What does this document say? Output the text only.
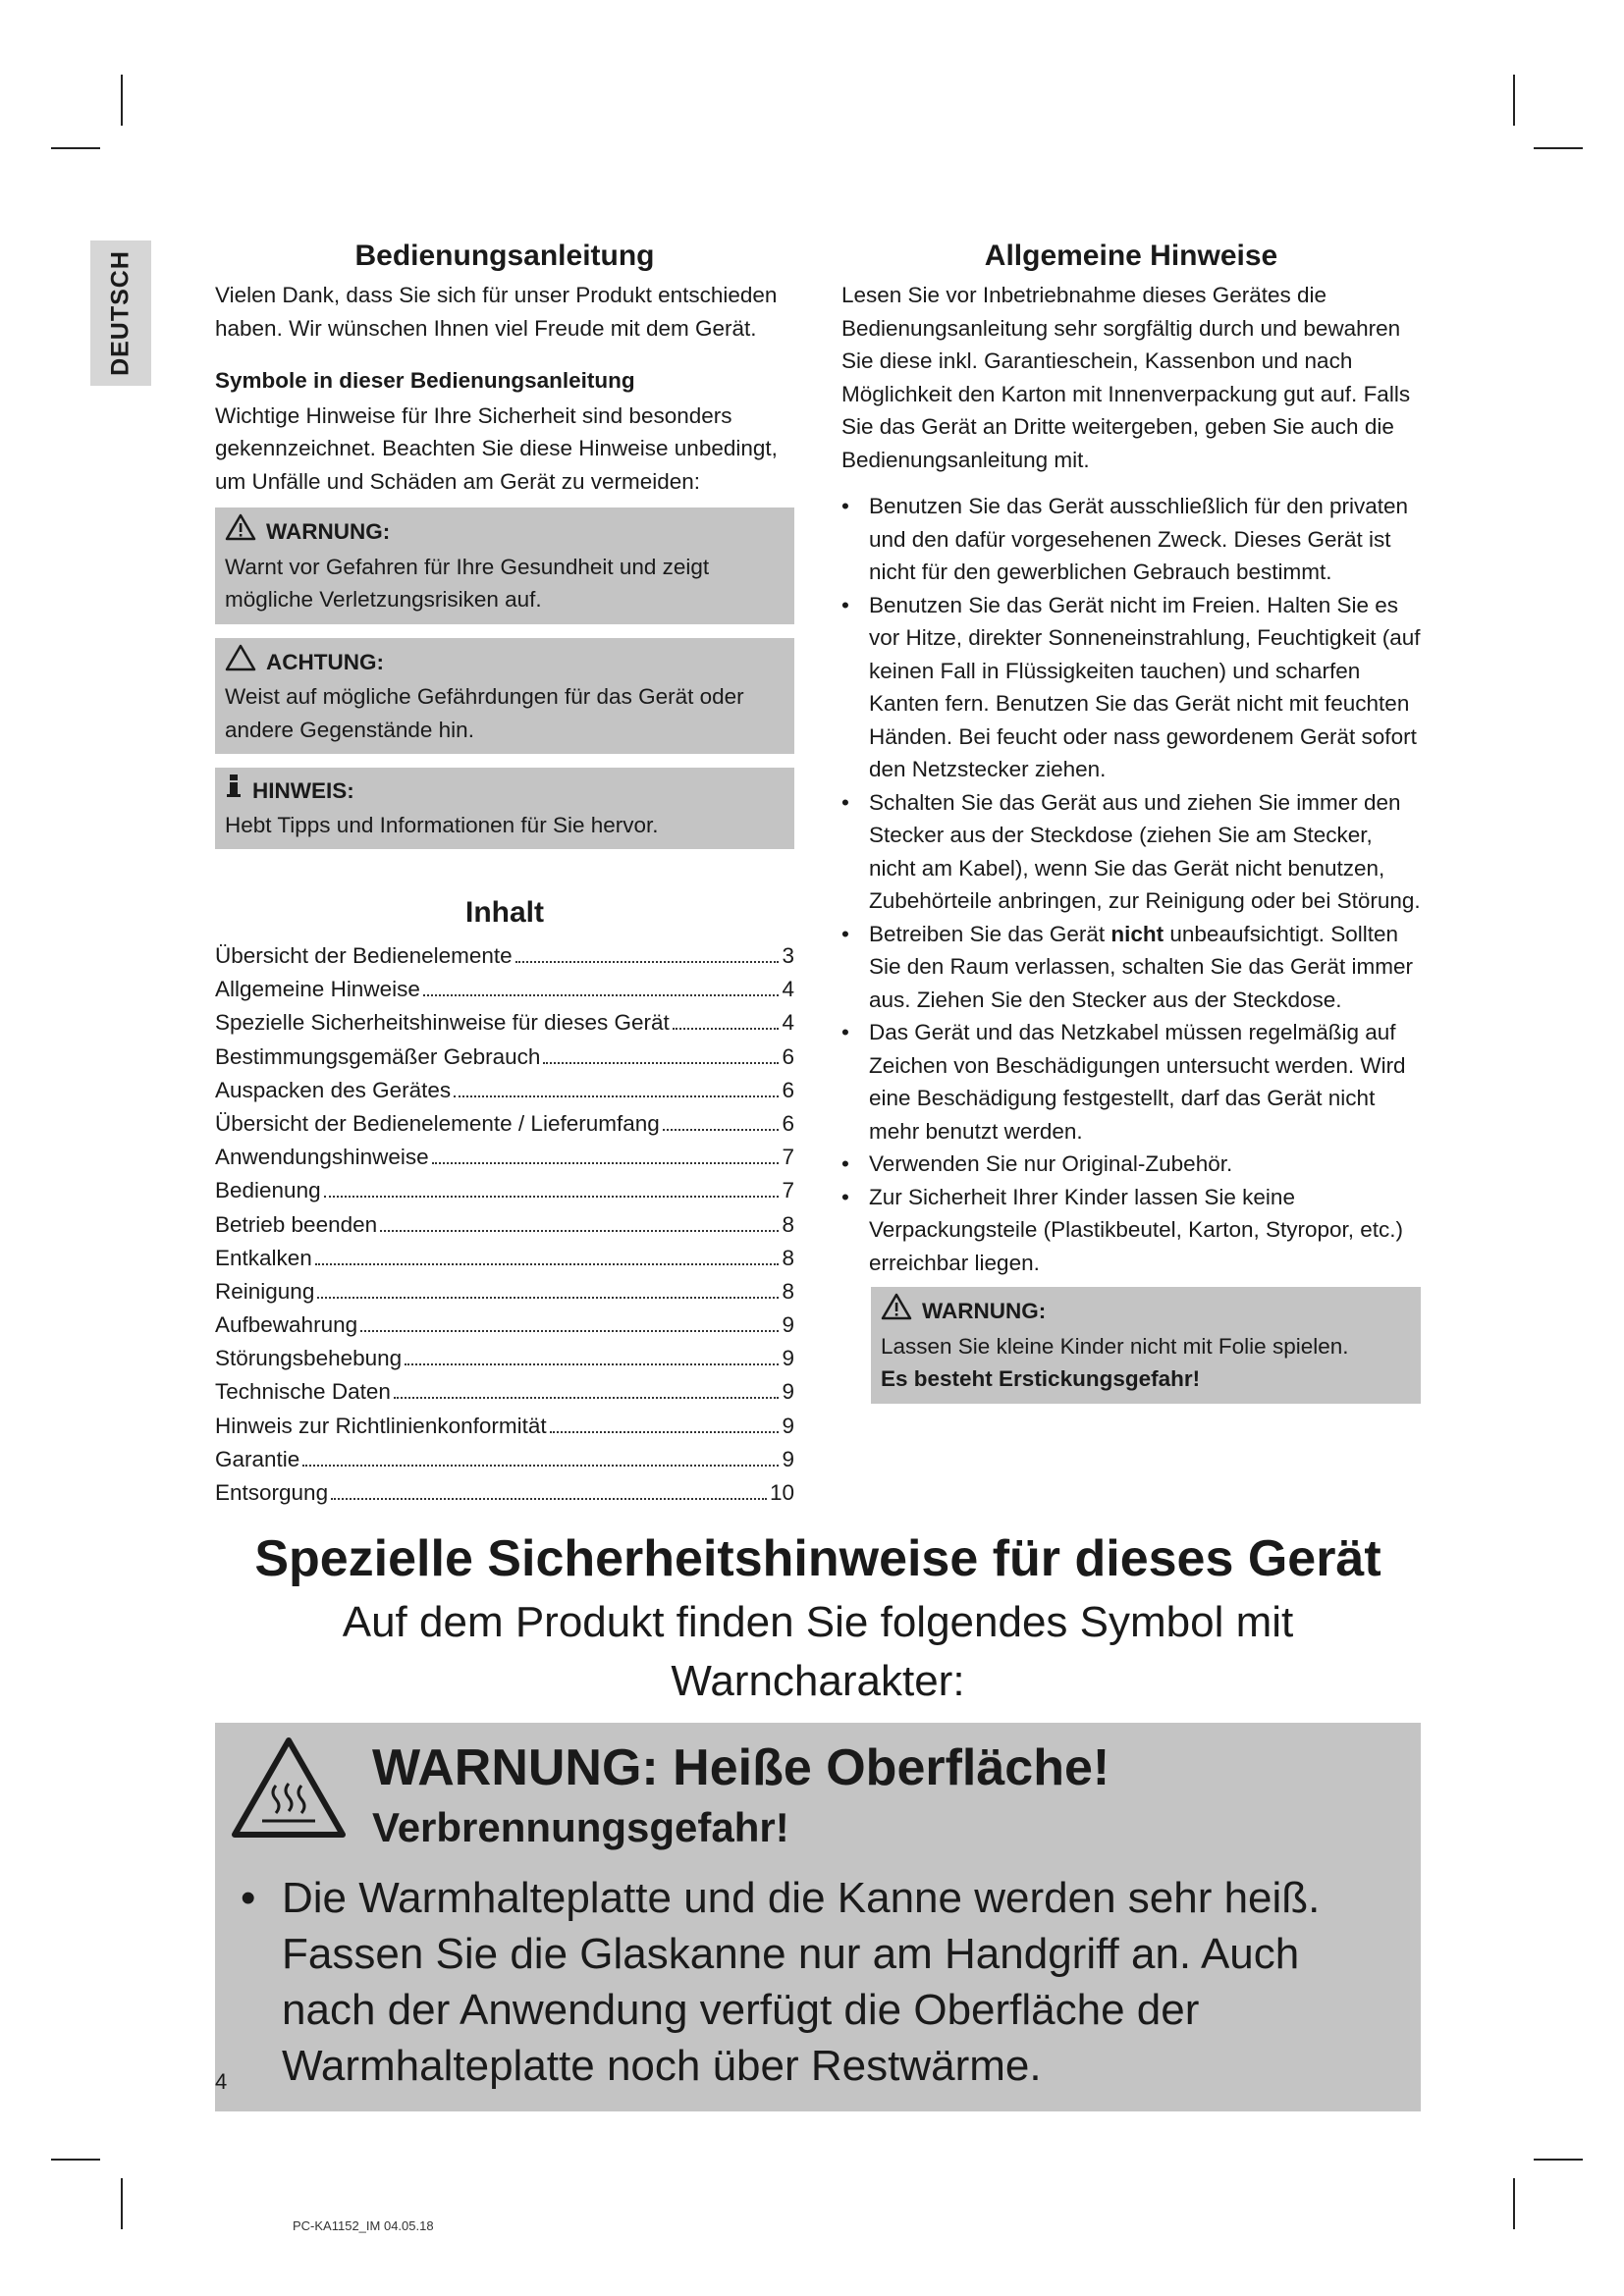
DEUTSCH	Bedienungsanleitung

Vielen Dank, dass Sie sich für unser Produkt entschieden haben. Wir wünschen Ihnen viel Freude mit dem Gerät.

Symbole in dieser Bedienungsanleitung

Wichtige Hinweise für Ihre Sicherheit sind besonders gekennzeichnet. Beachten Sie diese Hinweise unbedingt, um Unfälle und Schäden am Gerät zu vermeiden:

WARNUNG:

Warnt vor Gefahren für Ihre Gesundheit und zeigt mögliche Verletzungsrisiken auf.

ACHTUNG:

Weist auf mögliche Gefährdungen für das Gerät oder andere Gegenstände hin.

HINWEIS:

Hebt Tipps und Informationen für Sie hervor.

Inhalt
Übersicht der Bedienelemente	3
Allgemeine Hinweise	4
Spezielle Sicherheitshinweise für dieses Gerät	4
Bestimmungsgemäßer Gebrauch	6
Auspacken des Gerätes	6
Übersicht der Bedienelemente / Lieferumfang	6
Anwendungshinweise	7
Bedienung	7
Betrieb beenden	8
Entkalken	8
Reinigung	8
Aufbewahrung	9
Störungsbehebung	9
Technische Daten	9
Hinweis zur Richtlinienkonformität	9
Garantie	9
Entsorgung	10
Allgemeine Hinweise

Lesen Sie vor Inbetriebnahme dieses Gerätes die Bedienungsanleitung sehr sorgfältig durch und bewahren Sie diese inkl. Garantieschein, Kassenbon und nach Möglichkeit den Karton mit Innenverpackung gut auf. Falls Sie das Gerät an Dritte weitergeben, geben Sie auch die Bedienungsanleitung mit.

• Benutzen Sie das Gerät ausschließlich für den privaten und den dafür vorgesehenen Zweck. Dieses Gerät ist nicht für den gewerblichen Gebrauch bestimmt.
• Benutzen Sie das Gerät nicht im Freien. Halten Sie es vor Hitze, direkter Sonneneinstrahlung, Feuchtigkeit (auf keinen Fall in Flüssigkeiten tauchen) und scharfen Kanten fern. Benutzen Sie das Gerät nicht mit feuchten Händen. Bei feucht oder nass gewordenem Gerät sofort den Netzstecker ziehen.
• Schalten Sie das Gerät aus und ziehen Sie immer den Stecker aus der Steckdose (ziehen Sie am Stecker, nicht am Kabel), wenn Sie das Gerät nicht benutzen, Zubehörteile anbringen, zur Reinigung oder bei Störung.
• Betreiben Sie das Gerät nicht unbeaufsichtigt. Sollten Sie den Raum verlassen, schalten Sie das Gerät immer aus. Ziehen Sie den Stecker aus der Steckdose.
• Das Gerät und das Netzkabel müssen regelmäßig auf Zeichen von Beschädigungen untersucht werden. Wird eine Beschädigung festgestellt, darf das Gerät nicht mehr benutzt werden.
• Verwenden Sie nur Original-Zubehör.
• Zur Sicherheit Ihrer Kinder lassen Sie keine Verpackungsteile (Plastikbeutel, Karton, Styropor, etc.) erreichbar liegen.
WARNUNG:

Lassen Sie kleine Kinder nicht mit Folie spielen.

Es besteht Erstickungsgefahr!

Spezielle Sicherheitshinweise für dieses Gerät

Auf dem Produkt finden Sie folgendes Symbol mit Warncharakter:

WARNUNG: Heiße Oberfläche!
Verbrennungsgefahr!

• Die Warmhalteplatte und die Kanne werden sehr heiß. Fassen Sie die Glaskanne nur am Handgriff an. Auch nach der Anwendung verfügt die Oberfläche der Warmhalteplatte noch über Restwärme.

4
PC-KA1152_IM 04.05.18
